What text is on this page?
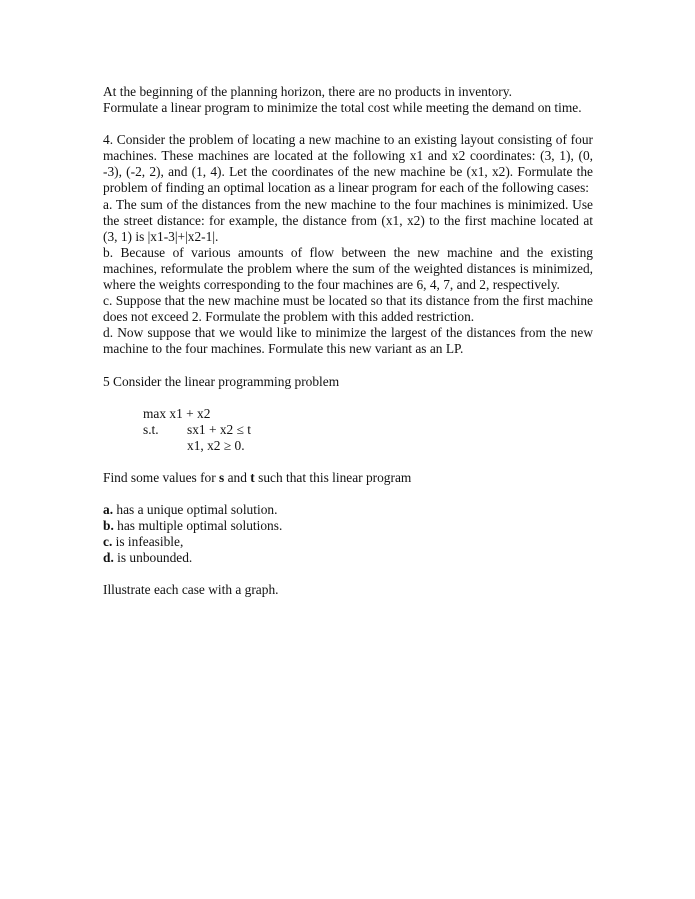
At the beginning of the planning horizon, there are no products in inventory.

Formulate a linear program to minimize the total cost while meeting the demand on time.

4. Consider the problem of locating a new machine to an existing layout consisting of four machines. These machines are located at the following x1 and x2 coordinates: (3, 1), (0, -3), (-2, 2), and (1, 4). Let the coordinates of the new machine be (x1, x2). Formulate the problem of finding an optimal location as a linear program for each of the following cases:

a. The sum of the distances from the new machine to the four machines is minimized. Use the street distance: for example, the distance from (x1, x2) to the first machine located at (3, 1) is |x1-3|+|x2-1|.

b. Because of various amounts of flow between the new machine and the existing machines, reformulate the problem where the sum of the weighted distances is minimized, where the weights corresponding to the four machines are 6, 4, 7, and 2, respectively.

c. Suppose that the new machine must be located so that its distance from the first machine does not exceed 2. Formulate the problem with this added restriction.

d. Now suppose that we would like to minimize the largest of the distances from the new machine to the four machines. Formulate this new variant as an LP.

5 Consider the linear programming problem

max x1 + x2
s.t.	sx1 + x2 ≤ t
x1, x2 ≥ 0.

Find some values for s and t such that this linear program

a. has a unique optimal solution.

b. has multiple optimal solutions.

c. is infeasible,

d. is unbounded.

Illustrate each case with a graph.
